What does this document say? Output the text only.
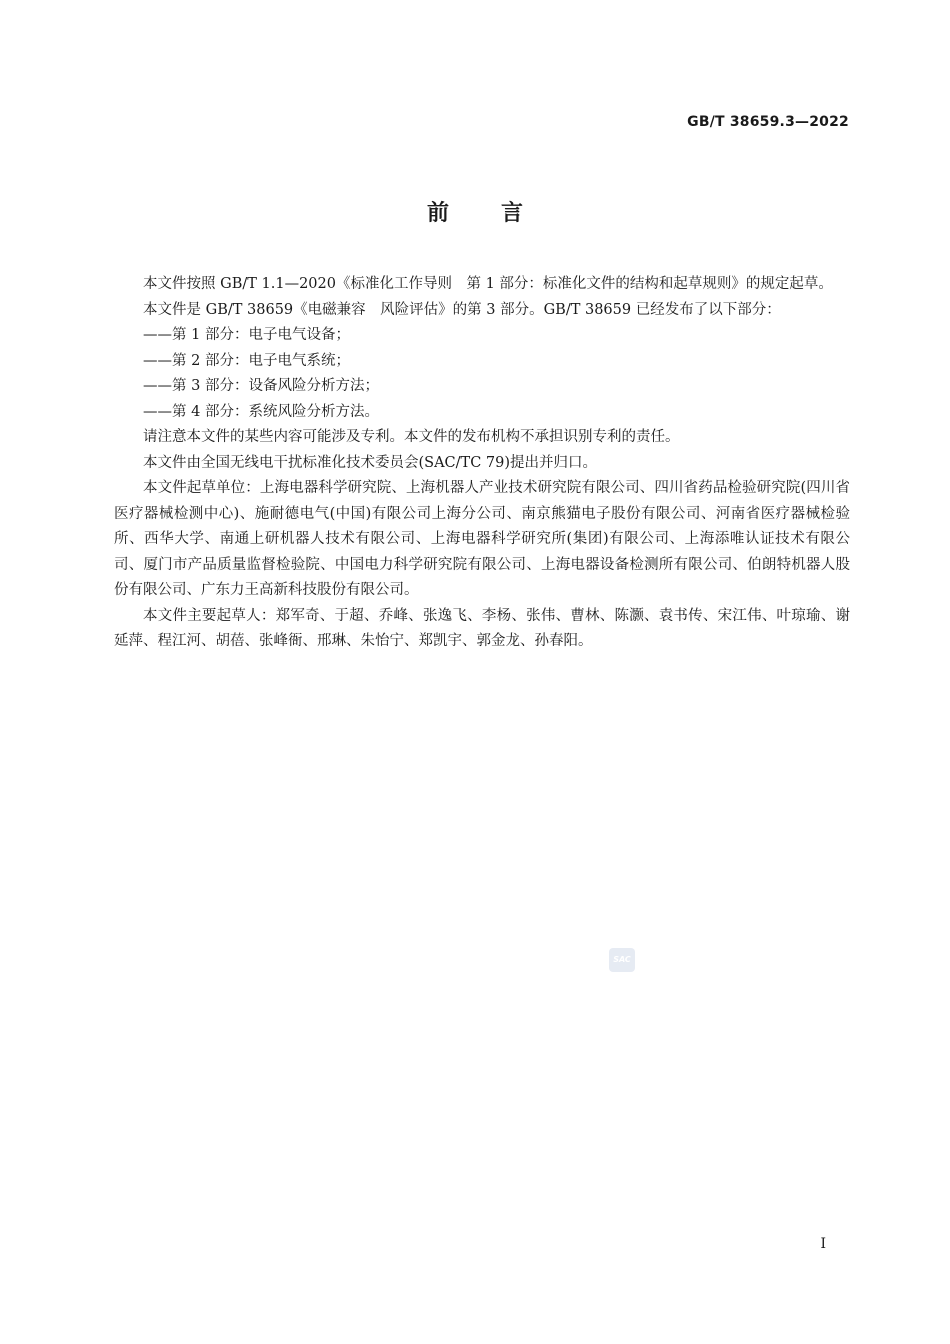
GB/T 38659.3—2022
前 言

本文件按照 GB/T 1.1—2020《标准化工作导则　第 1 部分：标准化文件的结构和起草规则》的规定起草。

本文件是 GB/T 38659《电磁兼容　风险评估》的第 3 部分。GB/T 38659 已经发布了以下部分：

——第 1 部分：电子电气设备；

——第 2 部分：电子电气系统；

——第 3 部分：设备风险分析方法；

——第 4 部分：系统风险分析方法。

请注意本文件的某些内容可能涉及专利。本文件的发布机构不承担识别专利的责任。

本文件由全国无线电干扰标准化技术委员会(SAC/TC 79)提出并归口。

本文件起草单位：上海电器科学研究院、上海机器人产业技术研究院有限公司、四川省药品检验研究院(四川省医疗器械检测中心)、施耐德电气(中国)有限公司上海分公司、南京熊猫电子股份有限公司、河南省医疗器械检验所、西华大学、南通上研机器人技术有限公司、上海电器科学研究所(集团)有限公司、上海添唯认证技术有限公司、厦门市产品质量监督检验院、中国电力科学研究院有限公司、上海电器设备检测所有限公司、伯朗特机器人股份有限公司、广东力王高新科技股份有限公司。

本文件主要起草人：郑军奇、于超、乔峰、张逸飞、李杨、张伟、曹林、陈灏、袁书传、宋江伟、叶琼瑜、谢延萍、程江河、胡蓓、张峰衙、邢琳、朱怡宁、郑凯宇、郭金龙、孙春阳。

SAC
I
